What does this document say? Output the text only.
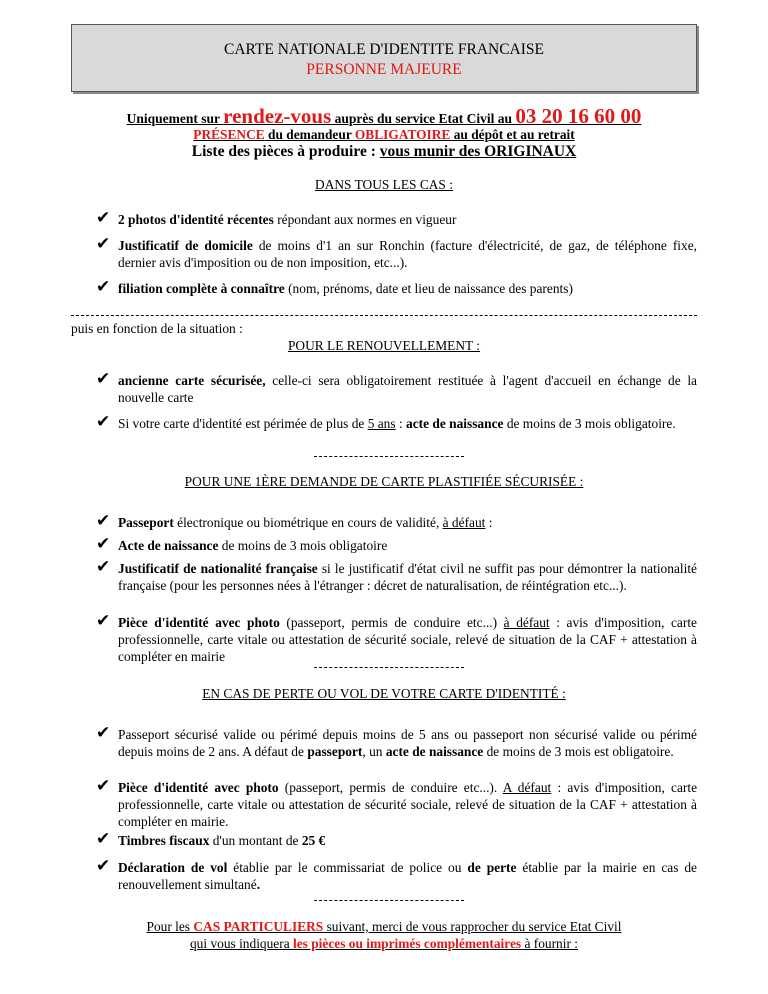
CARTE NATIONALE D'IDENTITE FRANCAISE
PERSONNE MAJEURE
Uniquement sur rendez-vous auprès du service Etat Civil au 03 20 16 60 00
PRÉSENCE du demandeur OBLIGATOIRE au dépôt et au retrait
Liste des pièces à produire : vous munir des ORIGINAUX
DANS TOUS LES CAS :
✔ 2 photos d'identité récentes répondant aux normes en vigueur
✔ Justificatif de domicile de moins d'1 an sur Ronchin (facture d'électricité, de gaz, de téléphone fixe, dernier avis d'imposition ou de non imposition, etc...).
✔ filiation complète à connaître (nom, prénoms, date et lieu de naissance des parents)
puis en fonction de la situation :
POUR LE RENOUVELLEMENT :
✔ ancienne carte sécurisée, celle-ci sera obligatoirement restituée à l'agent d'accueil en échange de la nouvelle carte
✔ Si votre carte d'identité est périmée de plus de 5 ans : acte de naissance de moins de 3 mois obligatoire.
POUR UNE 1ÈRE DEMANDE DE CARTE PLASTIFIÉE SÉCURISÉE :
✔ Passeport électronique ou biométrique en cours de validité, à défaut :
✔ Acte de naissance de moins de 3 mois obligatoire
✔ Justificatif de nationalité française si le justificatif d'état civil ne suffit pas pour démontrer la nationalité française (pour les personnes nées à l'étranger : décret de naturalisation, de réintégration etc...).
✔ Pièce d'identité avec photo (passeport, permis de conduire etc...) à défaut : avis d'imposition, carte professionnelle, carte vitale ou attestation de sécurité sociale, relevé de situation de la CAF + attestation à compléter en mairie
EN CAS DE PERTE OU VOL DE VOTRE CARTE D'IDENTITÉ :
✔ Passeport sécurisé valide ou périmé depuis moins de 5 ans ou passeport non sécurisé valide ou périmé depuis moins de 2 ans. A défaut de passeport, un acte de naissance de moins de 3 mois est obligatoire.
✔ Pièce d'identité avec photo (passeport, permis de conduire etc...). A défaut : avis d'imposition, carte professionnelle, carte vitale ou attestation de sécurité sociale, relevé de situation de la CAF + attestation à compléter en mairie.
✔ Timbres fiscaux d'un montant de 25 €
✔ Déclaration de vol établie par le commissariat de police ou de perte établie par la mairie en cas de renouvellement simultané.
Pour les CAS PARTICULIERS suivant, merci de vous rapprocher du service Etat Civil
qui vous indiquera les pièces ou imprimés complémentaires à fournir :
